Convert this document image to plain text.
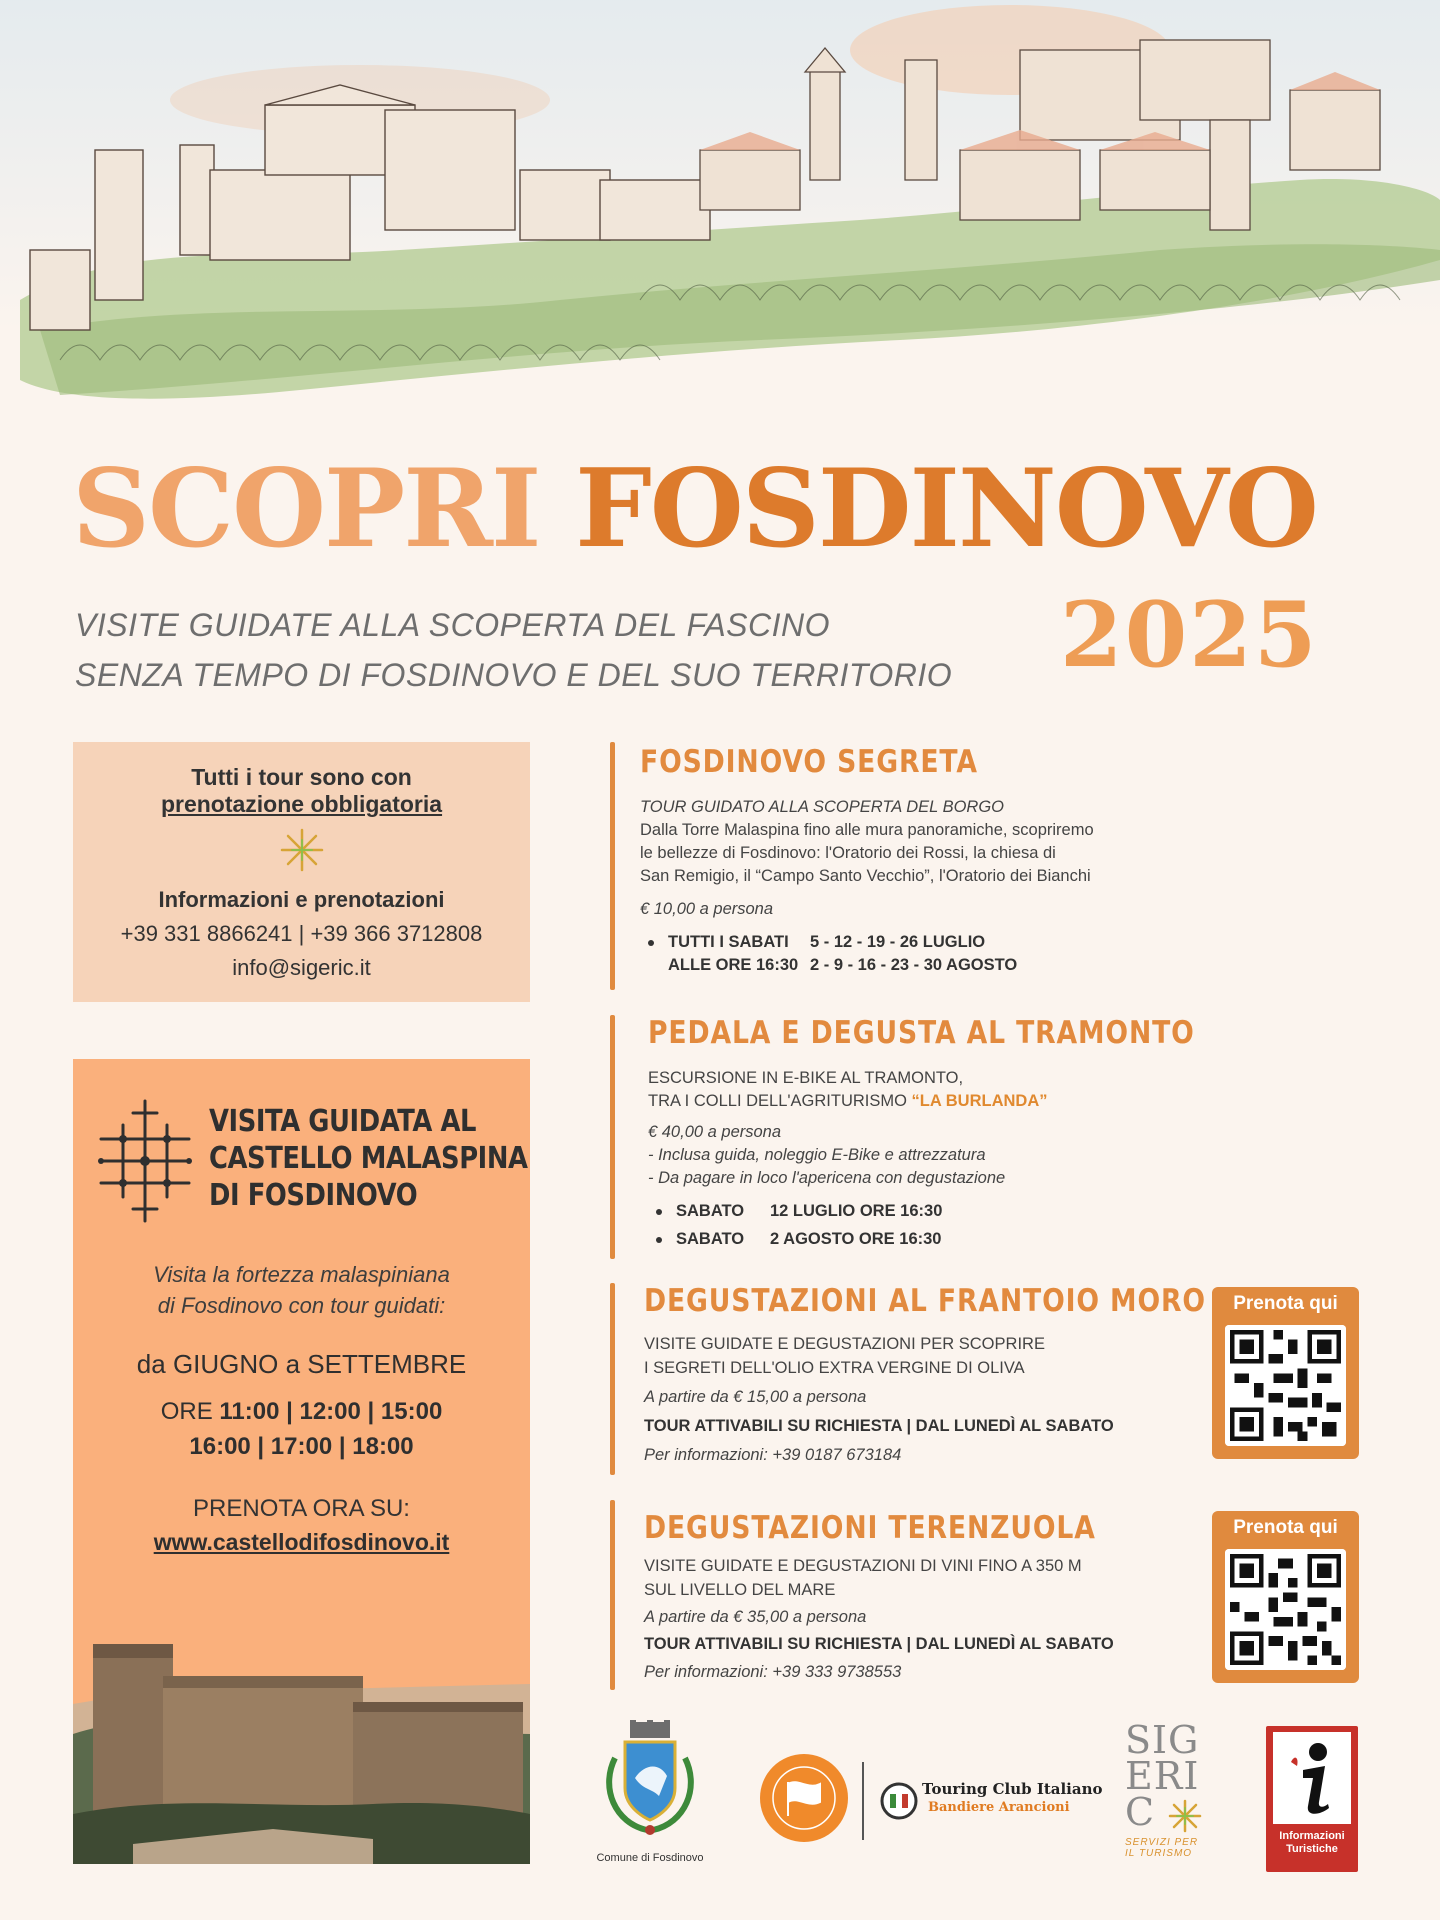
SCOPRI FOSDINOVO
2025
VISITE GUIDATE ALLA SCOPERTA DEL FASCINO
SENZA TEMPO DI FOSDINOVO E DEL SUO TERRITORIO
Tutti i tour sono con
prenotazione obbligatoria
Informazioni e prenotazioni
+39 331 8866241 | +39 366 3712808
info@sigeric.it
VISITA GUIDATA AL
CASTELLO MALASPINA
DI FOSDINOVO
Visita la fortezza malaspiniana
di Fosdinovo con tour guidati:
da GIUGNO a SETTEMBRE
ORE 11:00 | 12:00 | 15:00
16:00 | 17:00 | 18:00
PRENOTA ORA SU:
www.castellodifosdinovo.it
FOSDINOVO SEGRETA
TOUR GUIDATO ALLA SCOPERTA DEL BORGO
Dalla Torre Malaspina fino alle mura panoramiche, scopriremo
le bellezze di Fosdinovo: l'Oratorio dei Rossi, la chiesa di
San Remigio, il “Campo Santo Vecchio”, l'Oratorio dei Bianchi
€ 10,00 a persona
TUTTI I SABATI 5 - 12 - 19 - 26 LUGLIO
ALLE ORE 16:30 2 - 9 - 16 - 23 - 30 AGOSTO
PEDALA E DEGUSTA AL TRAMONTO
ESCURSIONE IN E-BIKE AL TRAMONTO,
TRA I COLLI DELL'AGRITURISMO “LA BURLANDA”
€ 40,00 a persona
- Inclusa guida, noleggio E-Bike e attrezzatura
- Da pagare in loco l'apericena con degustazione
SABATO 12 LUGLIO ORE 16:30
SABATO 2 AGOSTO ORE 16:30
DEGUSTAZIONI AL FRANTOIO MORO
VISITE GUIDATE E DEGUSTAZIONI PER SCOPRIRE
I SEGRETI DELL'OLIO EXTRA VERGINE DI OLIVA
A partire da € 15,00 a persona
TOUR ATTIVABILI SU RICHIESTA | DAL LUNEDÌ AL SABATO
Per informazioni: +39 0187 673184
Prenota qui
DEGUSTAZIONI TERENZUOLA
VISITE GUIDATE E DEGUSTAZIONI DI VINI FINO A 350 M
SUL LIVELLO DEL MARE
A partire da € 35,00 a persona
TOUR ATTIVABILI SU RICHIESTA | DAL LUNEDÌ AL SABATO
Per informazioni: +39 333 9738553
Prenota qui
Comune di Fosdinovo
Touring Club Italiano
Bandiere Arancioni
SIG
ERI
C
SERVIZI PER
IL TURISMO
Informazioni
Turistiche
